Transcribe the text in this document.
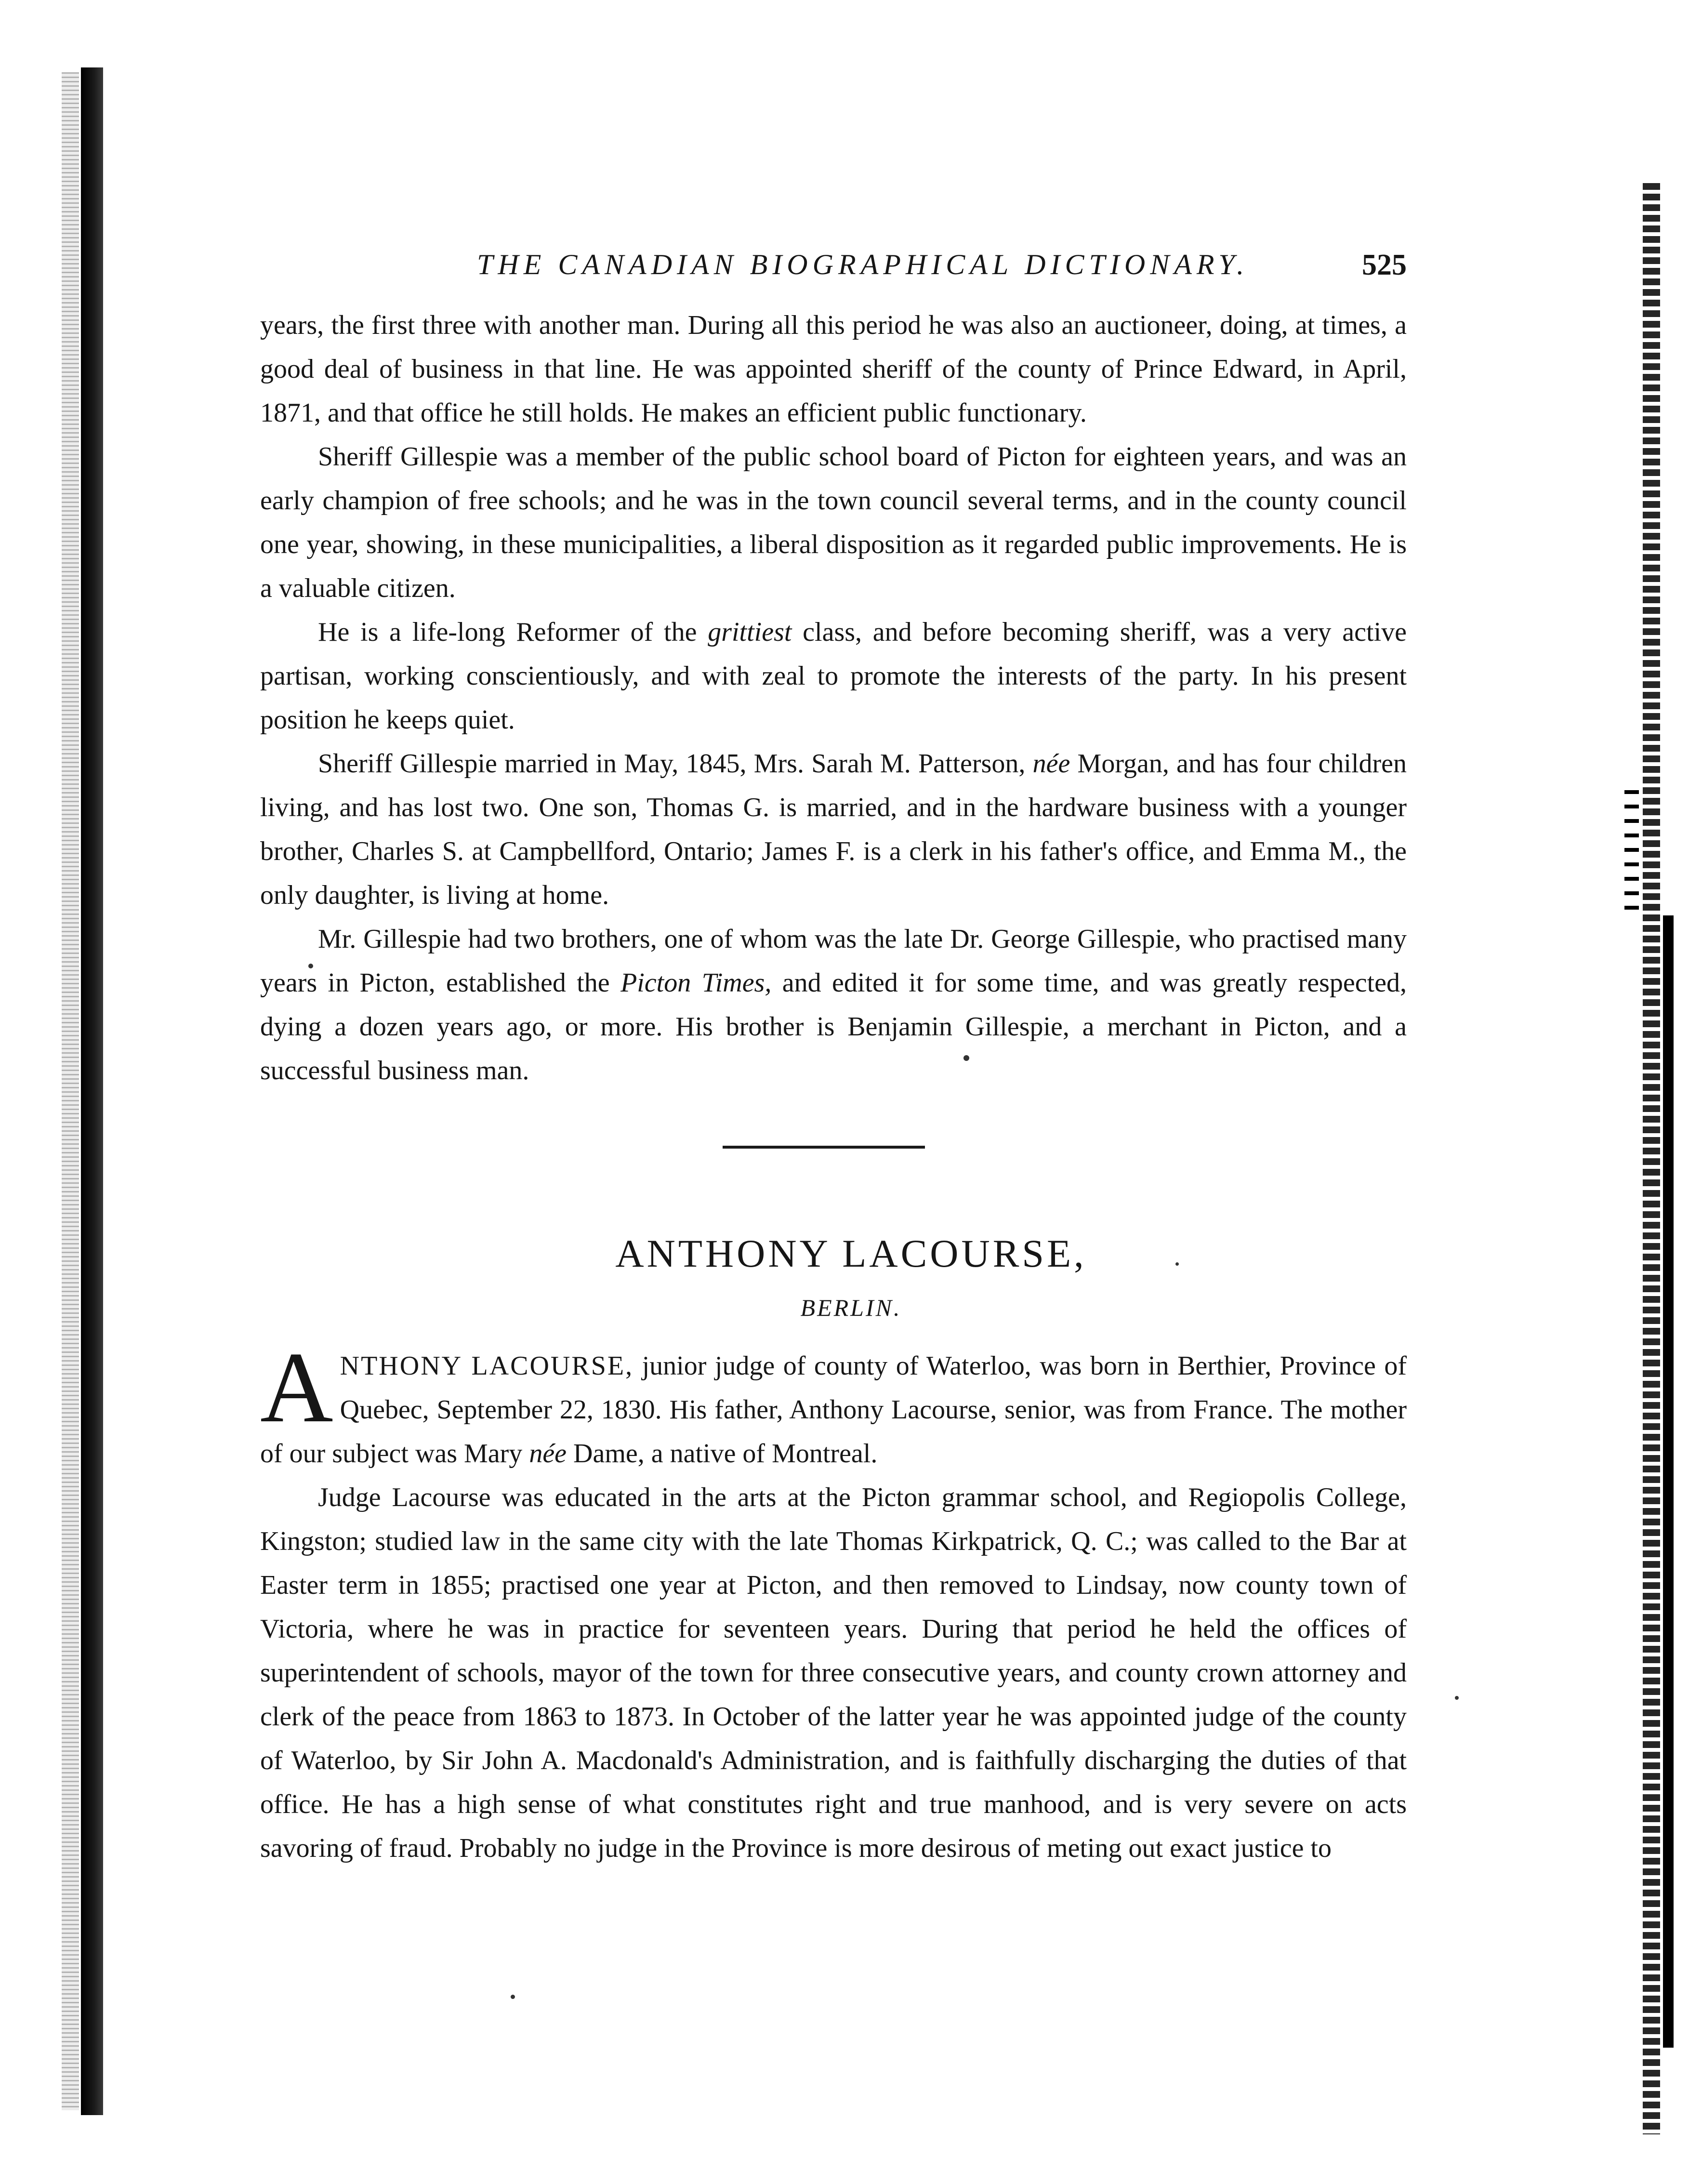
THE CANADIAN BIOGRAPHICAL DICTIONARY.	525

years, the first three with another man. During all this period he was also an auctioneer, doing, at times, a good deal of business in that line. He was appointed sheriff of the county of Prince Edward, in April, 1871, and that office he still holds. He makes an efficient public functionary.

Sheriff Gillespie was a member of the public school board of Picton for eighteen years, and was an early champion of free schools; and he was in the town council several terms, and in the county council one year, showing, in these municipalities, a liberal disposition as it regarded public improvements. He is a valuable citizen.

He is a life-long Reformer of the grittiest class, and before becoming sheriff, was a very active partisan, working conscientiously, and with zeal to promote the interests of the party. In his present position he keeps quiet.

Sheriff Gillespie married in May, 1845, Mrs. Sarah M. Patterson, née Morgan, and has four children living, and has lost two. One son, Thomas G. is married, and in the hardware business with a younger brother, Charles S. at Campbellford, Ontario; James F. is a clerk in his father's office, and Emma M., the only daughter, is living at home.

Mr. Gillespie had two brothers, one of whom was the late Dr. George Gillespie, who practised many years in Picton, established the Picton Times, and edited it for some time, and was greatly respected, dying a dozen years ago, or more. His brother is Benjamin Gillespie, a merchant in Picton, and a successful business man.

ANTHONY LACOURSE,
BERLIN.

ANTHONY LACOURSE, junior judge of county of Waterloo, was born in Berthier, Province of Quebec, September 22, 1830. His father, Anthony Lacourse, senior, was from France. The mother of our subject was Mary née Dame, a native of Montreal.

Judge Lacourse was educated in the arts at the Picton grammar school, and Regiopolis College, Kingston; studied law in the same city with the late Thomas Kirkpatrick, Q. C.; was called to the Bar at Easter term in 1855; practised one year at Picton, and then removed to Lindsay, now county town of Victoria, where he was in practice for seventeen years. During that period he held the offices of superintendent of schools, mayor of the town for three consecutive years, and county crown attorney and clerk of the peace from 1863 to 1873. In October of the latter year he was appointed judge of the county of Waterloo, by Sir John A. Macdonald's Administration, and is faithfully discharging the duties of that office. He has a high sense of what constitutes right and true manhood, and is very severe on acts savoring of fraud. Probably no judge in the Province is more desirous of meting out exact justice to
